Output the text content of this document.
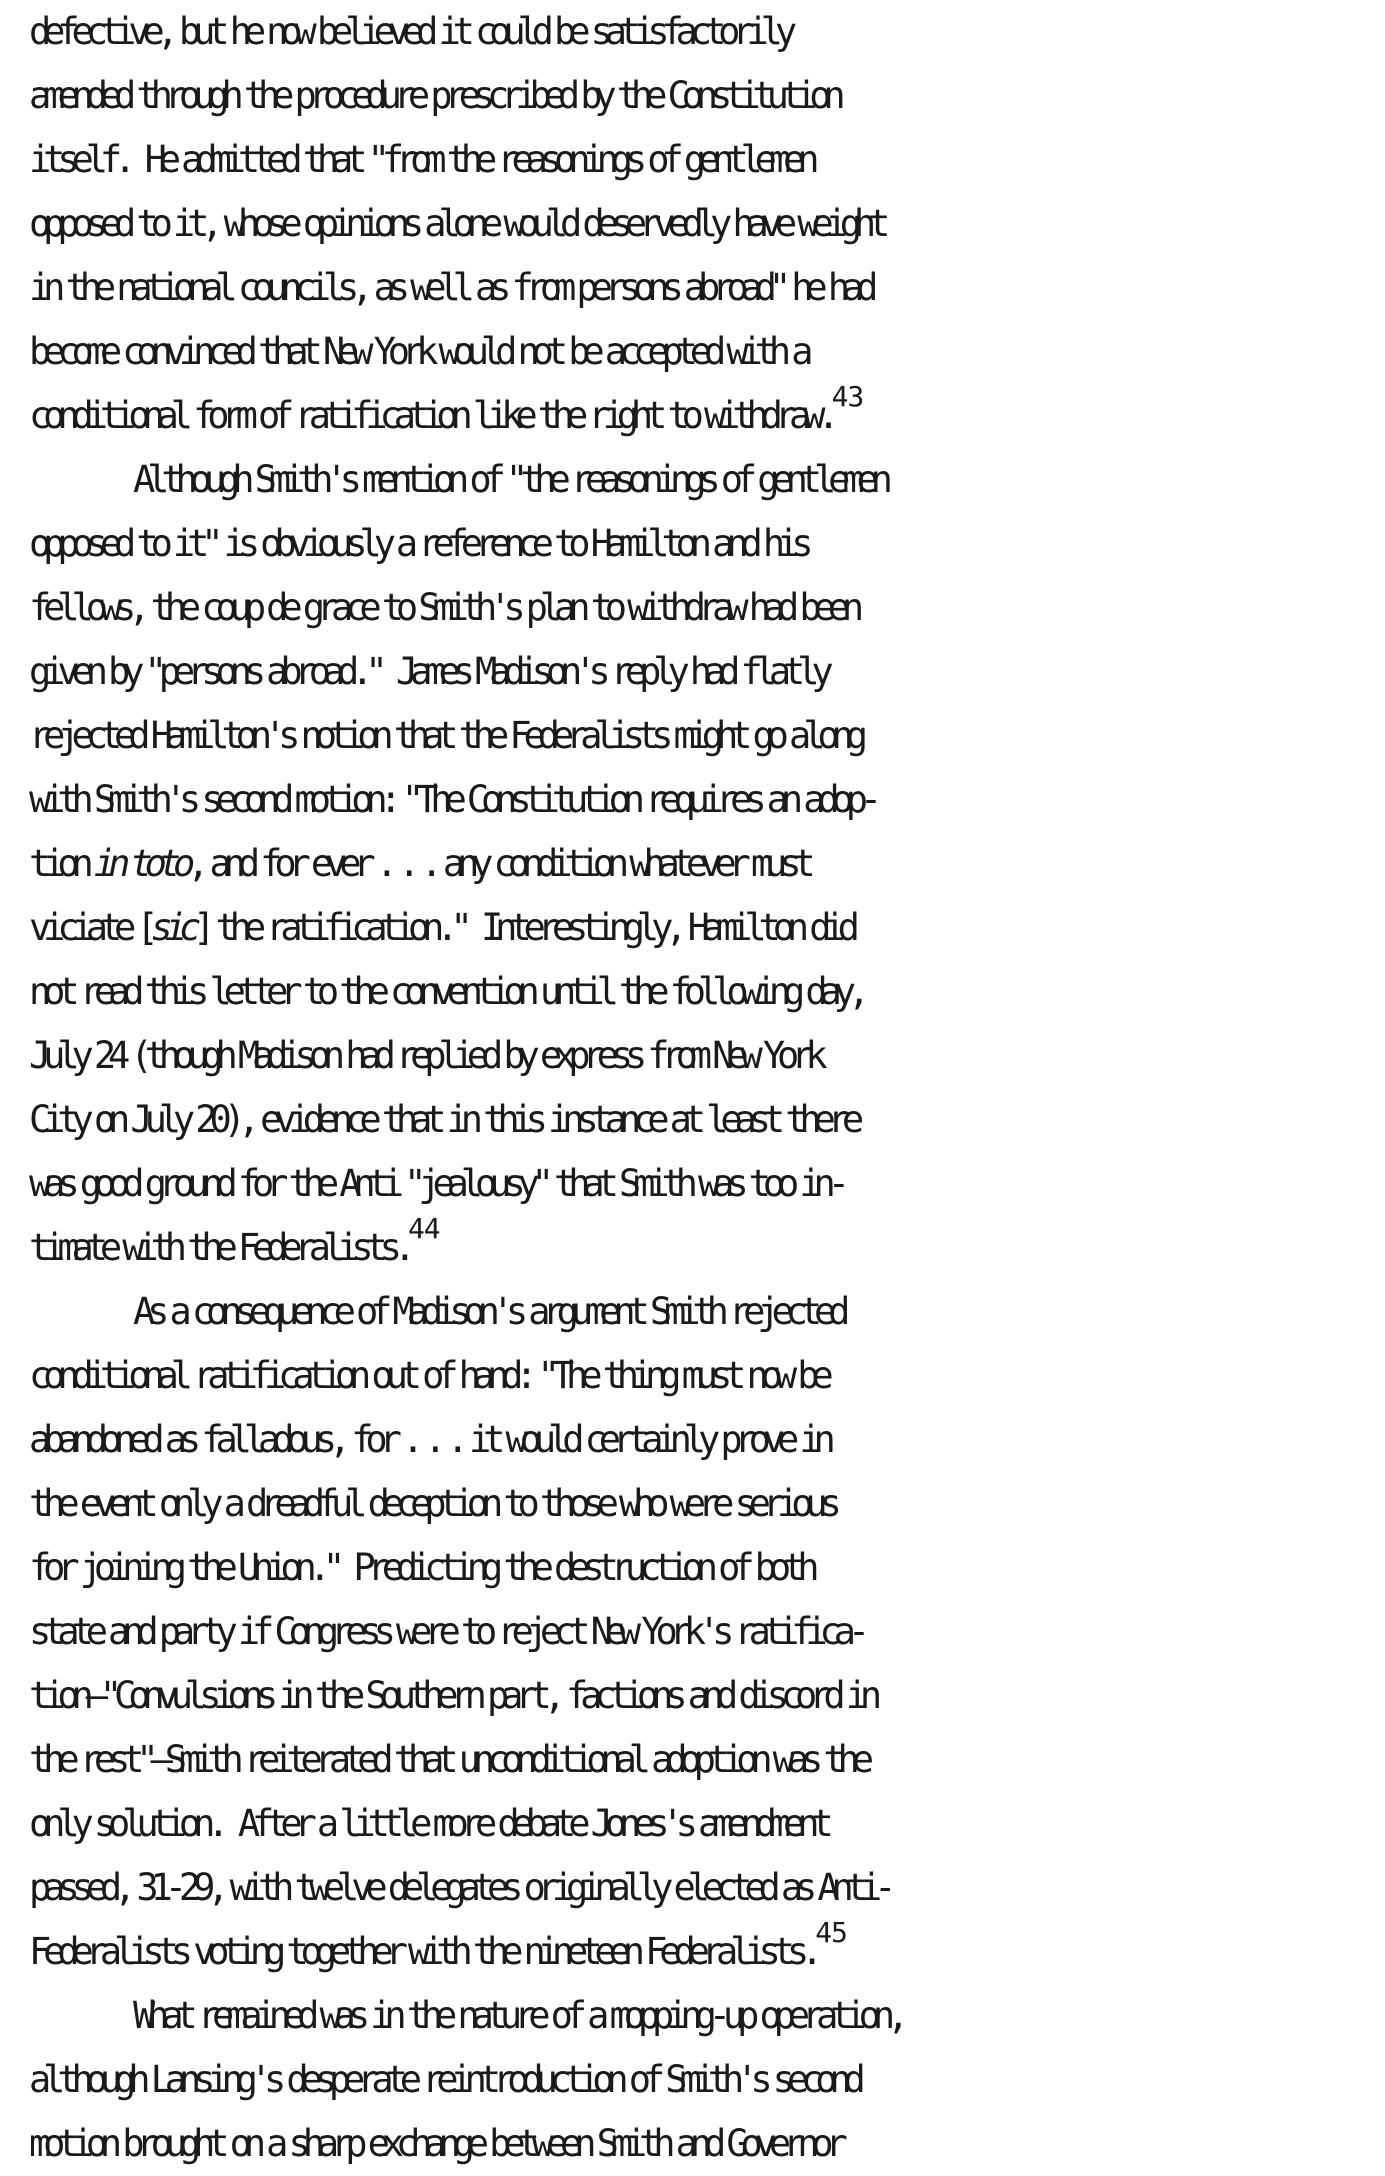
defective, but he now believed it could be satisfactorily
amended through the procedure prescribed by the Constitution
itself.  He admitted that "from the reasonings of gentlemen
opposed to it, whose opinions alone would deservedly have weight
in the national councils, as well as from persons abroad" he had
become convinced that New York would not be accepted with a
conditional form of ratification like the right to withdraw.$^{43}$
Although Smith's mention of "the reasonings of gentlemen
opposed to it" is obviously a reference to Hamilton and his
fellows, the coup de grace to Smith's plan to withdraw had been
given by "persons abroad."  James Madison's reply had flatly
rejected Hamilton's notion that the Federalists might go along
with Smith's second motion: "The Constitution requires an adop-
tion in toto, and for ever . . . any condition whatever must
viciate [sic] the ratification."  Interestingly, Hamilton did
not read this letter to the convention until the following day,
July 24 (though Madison had replied by express from New York
City on July 20), evidence that in this instance at least there
was good ground for the Anti "jealousy" that Smith was too in-
timate with the Federalists.$^{44}$
As a consequence of Madison's argument Smith rejected
conditional ratification out of hand: "The thing must now be
abandoned as falladous, for . . . it would certainly prove in
the event only a dreadful deception to those who were serious
for joining the Union."  Predicting the destruction of both
state and party if Congress were to reject New York's ratifica-
tion—"Convulsions in the Southern part, factions and discord in
the rest"—Smith reiterated that unconditional adoption was the
only solution.  After a little more debate Jones's amendment
passed, 31-29, with twelve delegates originally elected as Anti-
Federalists voting together with the nineteen Federalists.$^{45}$
What remained was in the nature of a mopping-up operation,
although Lansing's desperate reintroduction of Smith's second
motion brought on a sharp exchange between Smith and Governor
